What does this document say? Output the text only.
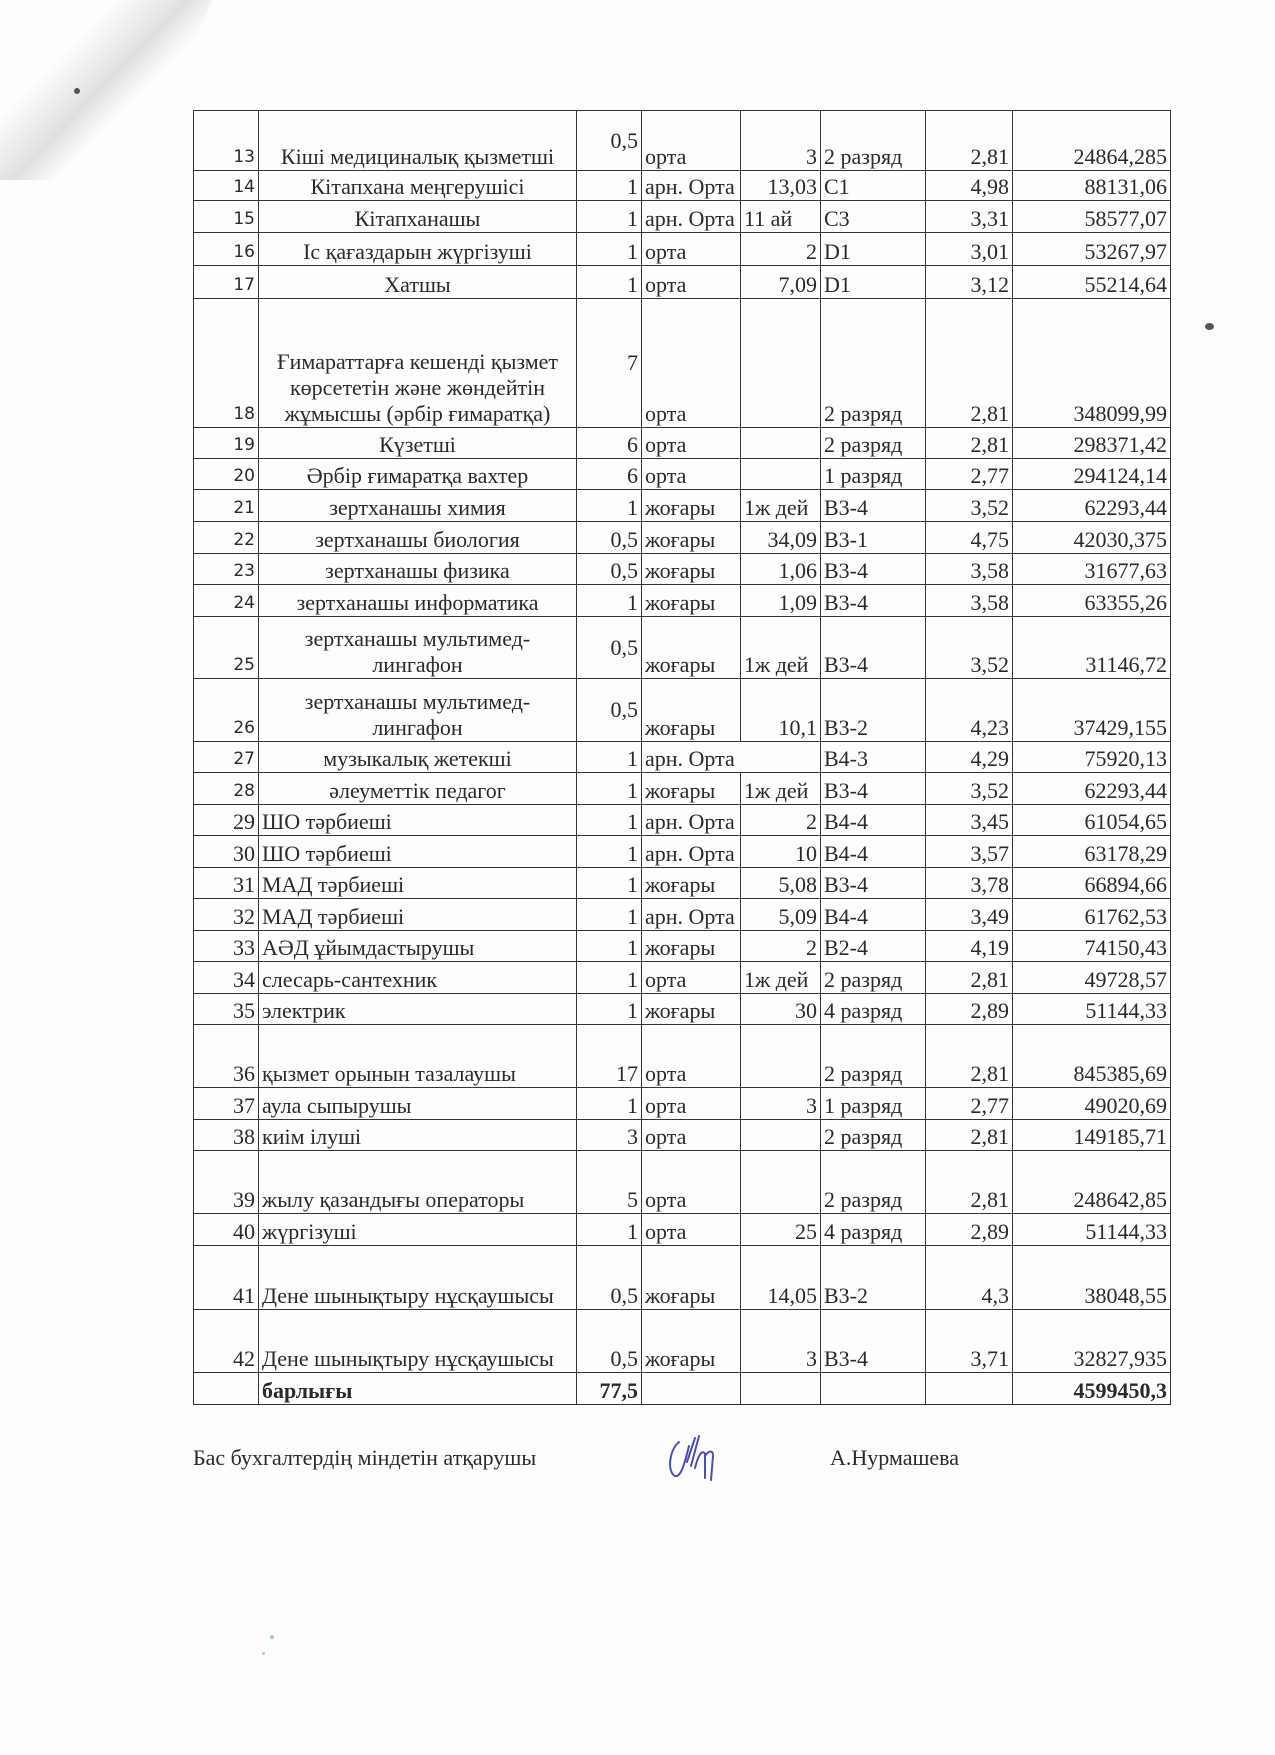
13	Кіші медициналық қызметші	0,5	орта	3	2 разряд	2,81	24864,285
14	Кітапхана меңгерушісі	1	арн. Орта	13,03	С1	4,98	88131,06
15	Кітапханашы	1	арн. Орта	11 ай	С3	3,31	58577,07
16	Іс қағаздарын жүргізуші	1	орта	2	D1	3,01	53267,97
17	Хатшы	1	орта	7,09	D1	3,12	55214,64
18	Ғимараттарға кешенді қызмет көрсететін және жөндейтін жұмысшы (әрбір ғимаратқа)	7	орта		2 разряд	2,81	348099,99
19	Күзетші	6	орта		2 разряд	2,81	298371,42
20	Әрбір ғимаратқа вахтер	6	орта		1 разряд	2,77	294124,14
21	зертханашы химия	1	жоғары	1ж дей	В3-4	3,52	62293,44
22	зертханашы биология	0,5	жоғары	34,09	В3-1	4,75	42030,375
23	зертханашы физика	0,5	жоғары	1,06	В3-4	3,58	31677,63
24	зертханашы информатика	1	жоғары	1,09	В3-4	3,58	63355,26
25	зертханашы мультимед-лингафон	0,5	жоғары	1ж дей	В3-4	3,52	31146,72
26	зертханашы мультимед-лингафон	0,5	жоғары	10,1	В3-2	4,23	37429,155
27	музыкалық жетекші	1	арн. Орта		В4-3	4,29	75920,13
28	әлеуметтік педагог	1	жоғары	1ж дей	В3-4	3,52	62293,44
29	ШО тәрбиеші	1	арн. Орта	2	В4-4	3,45	61054,65
30	ШО тәрбиеші	1	арн. Орта	10	В4-4	3,57	63178,29
31	МАД тәрбиеші	1	жоғары	5,08	В3-4	3,78	66894,66
32	МАД тәрбиеші	1	арн. Орта	5,09	В4-4	3,49	61762,53
33	АӘД ұйымдастырушы	1	жоғары	2	В2-4	4,19	74150,43
34	слесарь-сантехник	1	орта	1ж дей	2 разряд	2,81	49728,57
35	электрик	1	жоғары	30	4 разряд	2,89	51144,33
36	қызмет орынын тазалаушы	17	орта		2 разряд	2,81	845385,69
37	аула сыпырушы	1	орта	3	1 разряд	2,77	49020,69
38	киім ілуші	3	орта		2 разряд	2,81	149185,71
39	жылу қазандығы операторы	5	орта		2 разряд	2,81	248642,85
40	жүргізуші	1	орта	25	4 разряд	2,89	51144,33
41	Дене шынықтыру нұсқаушысы	0,5	жоғары	14,05	В3-2	4,3	38048,55
42	Дене шынықтыру нұсқаушысы	0,5	жоғары	3	В3-4	3,71	32827,935
	барлығы	77,5					4599450,3
Бас бухгалтердің міндетін атқарушы	А.Нурмашева
